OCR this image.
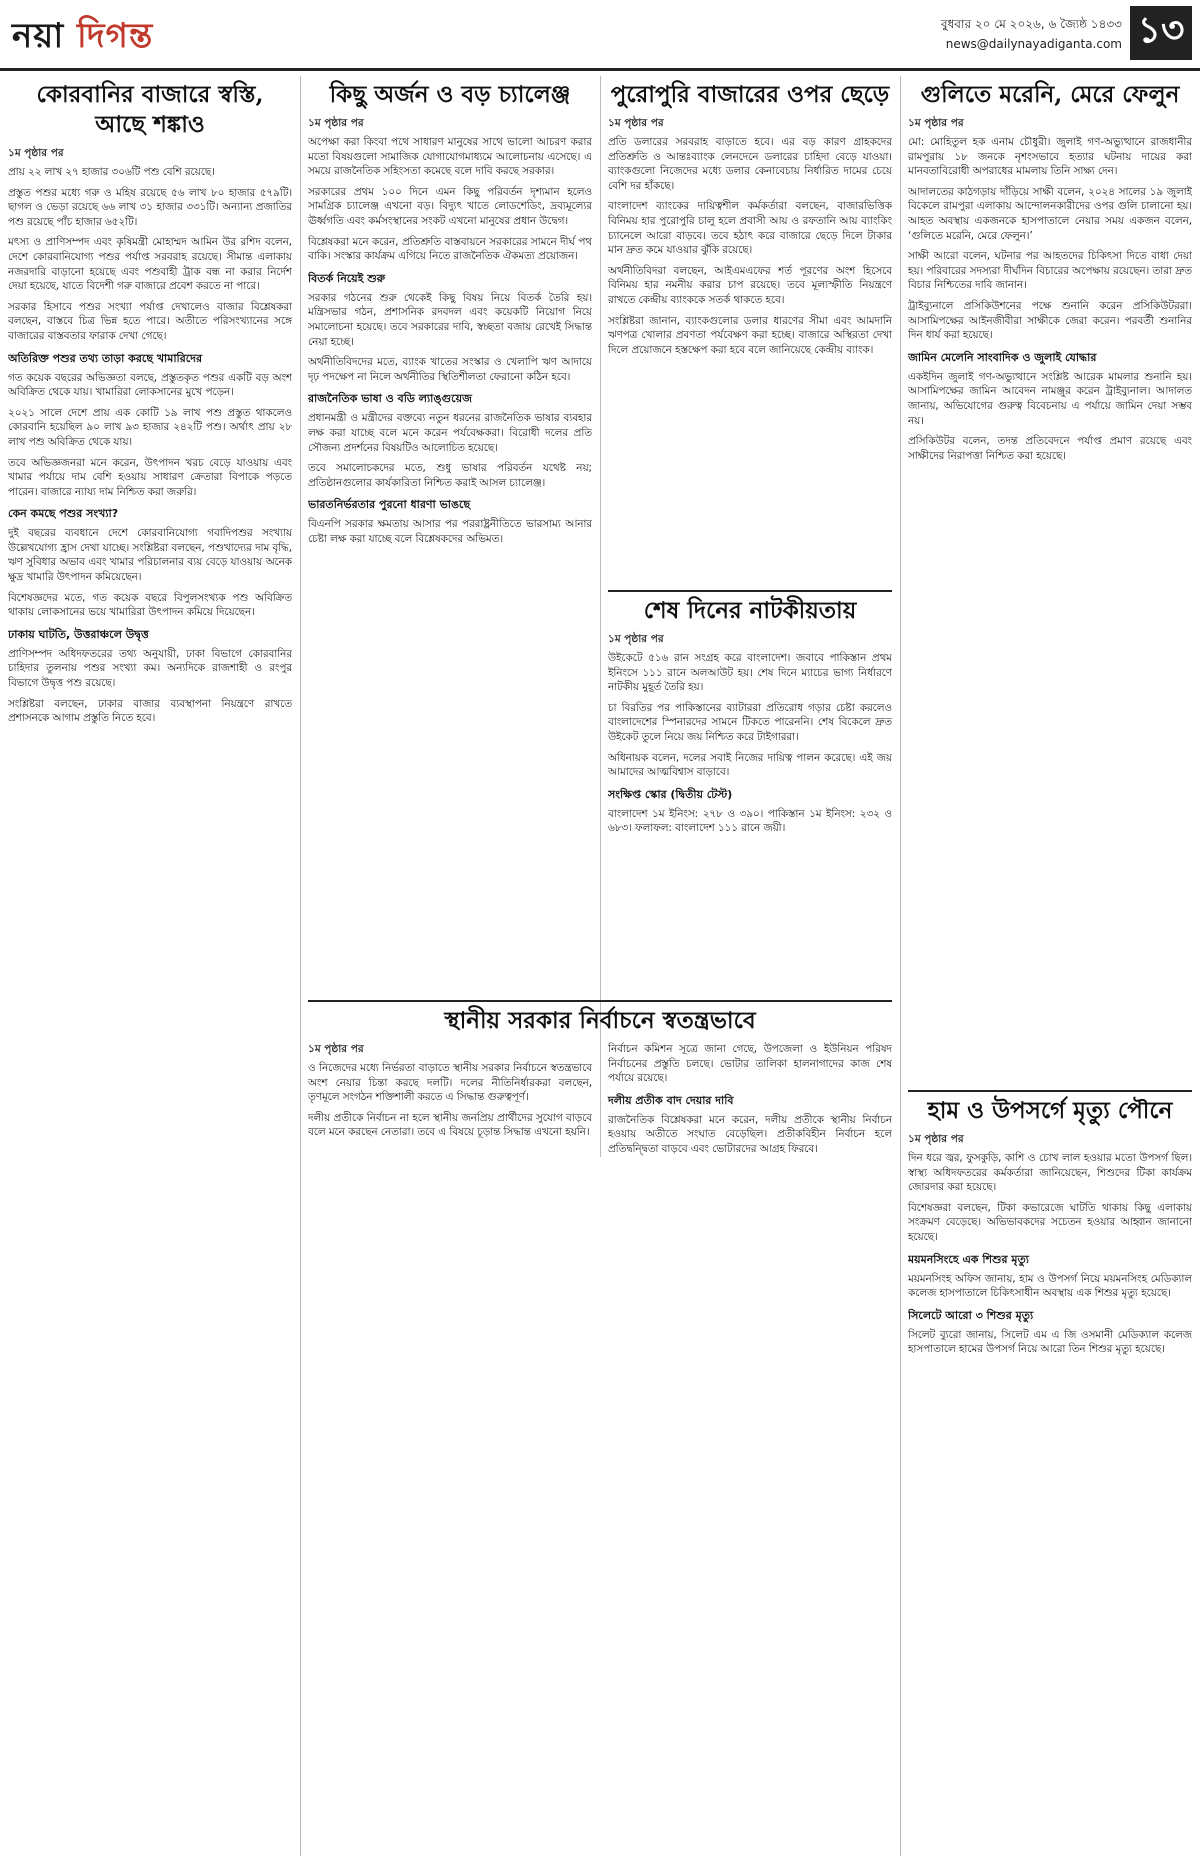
নয়া দিগন্ত	বুধবার ২০ মে ২০২৬, ৬ জ্যৈষ্ঠ ১৪৩৩
news@dailynayadiganta.com ১৩
কোরবানির বাজারে স্বস্তি, আছে শঙ্কাও
১ম পৃষ্ঠার পর

প্রায় ২২ লাখ ২৭ হাজার ৩০৬টি পশু বেশি রয়েছে।

প্রস্তুত পশুর মধ্যে গরু ও মহিষ রয়েছে ৫৬ লাখ ৮০ হাজার ৫৭৯টি। ছাগল ও ভেড়া রয়েছে ৬৬ লাখ ৩১ হাজার ৩৩১টি। অন্যান্য প্রজাতির পশু রয়েছে পাঁচ হাজার ৬৫২টি।

মৎস্য ও প্রাণিসম্পদ এবং কৃষিমন্ত্রী মোহাম্মদ আমিন উর রশিদ বলেন, দেশে কোরবানিযোগ্য পশুর পর্যাপ্ত সরবরাহ রয়েছে। সীমান্ত এলাকায় নজরদারি বাড়ানো হয়েছে এবং পশুবাহী ট্রাক বন্ধ না করার নির্দেশ দেয়া হয়েছে, যাতে বিদেশী গরু বাজারে প্রবেশ করতে না পারে।

সরকার হিসাবে পশুর সংখ্যা পর্যাপ্ত দেখালেও বাজার বিশ্লেষকরা বলছেন, বাস্তবে চিত্র ভিন্ন হতে পারে। অতীতে পরিসংখ্যানের সঙ্গে বাজারের বাস্তবতার ফারাক দেখা গেছে।

অতিরিক্ত পশুর তথ্য তাড়া করছে খামারিদের

গত কয়েক বছরের অভিজ্ঞতা বলছে, প্রস্তুতকৃত পশুর একটি বড় অংশ অবিক্রিত থেকে যায়। খামারিরা লোকসানের মুখে পড়েন।

২০২১ সালে দেশে প্রায় এক কোটি ১৯ লাখ পশু প্রস্তুত থাকলেও কোরবানি হয়েছিল ৯০ লাখ ৯৩ হাজার ২৪২টি পশু। অর্থাৎ প্রায় ২৮ লাখ পশু অবিক্রিত থেকে যায়।

তবে অভিজ্ঞজনরা মনে করেন, উৎপাদন খরচ বেড়ে যাওয়ায় এবং খামার পর্যায়ে দাম বেশি হওয়ায় সাধারণ ক্রেতারা বিপাকে পড়তে পারেন। বাজারে ন্যায্য দাম নিশ্চিত করা জরুরি।

কেন কমছে পশুর সংখ্যা?

দুই বছরের ব্যবধানে দেশে কোরবানিযোগ্য গবাদিপশুর সংখ্যায় উল্লেখযোগ্য হ্রাস দেখা যাচ্ছে। সংশ্লিষ্টরা বলছেন, পশুখাদ্যের দাম বৃদ্ধি, ঋণ সুবিধার অভাব এবং খামার পরিচালনার ব্যয় বেড়ে যাওয়ায় অনেক ক্ষুদ্র খামারি উৎপাদন কমিয়েছেন।

বিশেষজ্ঞদের মতে, গত কয়েক বছরে বিপুলসংখ্যক পশু অবিক্রিত থাকায় লোকসানের ভয়ে খামারিরা উৎপাদন কমিয়ে দিয়েছেন।

ঢাকায় ঘাটতি, উত্তরাঞ্চলে উদ্বৃত্ত

প্রাণিসম্পদ অধিদফতরের তথ্য অনুযায়ী, ঢাকা বিভাগে কোরবানির চাহিদার তুলনায় পশুর সংখ্যা কম। অন্যদিকে রাজশাহী ও রংপুর বিভাগে উদ্বৃত্ত পশু রয়েছে।

সংশ্লিষ্টরা বলছেন, ঢাকার বাজার ব্যবস্থাপনা নিয়ন্ত্রণে রাখতে প্রশাসনকে আগাম প্রস্তুতি নিতে হবে।

কিছু অর্জন ও বড় চ্যালেঞ্জ
১ম পৃষ্ঠার পর

অপেক্ষা করা কিংবা পথে সাধারণ মানুষের সাথে ভালো আচরণ করার মতো বিষয়গুলো সামাজিক যোগাযোগমাধ্যমে আলোচনায় এসেছে। এ সময়ে রাজনৈতিক সহিংসতা কমেছে বলে দাবি করছে সরকার।

সরকারের প্রথম ১০০ দিনে এমন কিছু পরিবর্তন দৃশ্যমান হলেও সামগ্রিক চ্যালেঞ্জ এখনো বড়। বিদ্যুৎ খাতে লোডশেডিং, দ্রব্যমূল্যের ঊর্ধ্বগতি এবং কর্মসংস্থানের সংকট এখনো মানুষের প্রধান উদ্বেগ।

বিশ্লেষকরা মনে করেন, প্রতিশ্রুতি বাস্তবায়নে সরকারের সামনে দীর্ঘ পথ বাকি। সংস্কার কার্যক্রম এগিয়ে নিতে রাজনৈতিক ঐকমত্য প্রয়োজন।

বিতর্ক নিয়েই শুরু

সরকার গঠনের শুরু থেকেই কিছু বিষয় নিয়ে বিতর্ক তৈরি হয়। মন্ত্রিসভার গঠন, প্রশাসনিক রদবদল এবং কয়েকটি নিয়োগ নিয়ে সমালোচনা হয়েছে। তবে সরকারের দাবি, স্বচ্ছতা বজায় রেখেই সিদ্ধান্ত নেয়া হচ্ছে।

অর্থনীতিবিদদের মতে, ব্যাংক খাতের সংস্কার ও খেলাপি ঋণ আদায়ে দৃঢ় পদক্ষেপ না নিলে অর্থনীতির স্থিতিশীলতা ফেরানো কঠিন হবে।

রাজনৈতিক ভাষা ও বডি ল্যাঙ্গুয়েজ

প্রধানমন্ত্রী ও মন্ত্রীদের বক্তব্যে নতুন ধরনের রাজনৈতিক ভাষার ব্যবহার লক্ষ করা যাচ্ছে বলে মনে করেন পর্যবেক্ষকরা। বিরোধী দলের প্রতি সৌজন্য প্রদর্শনের বিষয়টিও আলোচিত হয়েছে।

তবে সমালোচকদের মতে, শুধু ভাষার পরিবর্তন যথেষ্ট নয়; প্রতিষ্ঠানগুলোর কার্যকারিতা নিশ্চিত করাই আসল চ্যালেঞ্জ।

ভারতনির্ভরতার পুরনো ধারণা ভাঙছে

বিএনপি সরকার ক্ষমতায় আসার পর পররাষ্ট্রনীতিতে ভারসাম্য আনার চেষ্টা লক্ষ করা যাচ্ছে বলে বিশ্লেষকদের অভিমত।

পুরোপুরি বাজারের ওপর ছেড়ে
১ম পৃষ্ঠার পর

প্রতি ডলারের সরবরাহ বাড়াতে হবে। এর বড় কারণ গ্রাহকদের প্রতিশ্রুতি ও আন্তঃব্যাংক লেনদেনে ডলারের চাহিদা বেড়ে যাওয়া। ব্যাংকগুলো নিজেদের মধ্যে ডলার কেনাবেচায় নির্ধারিত দামের চেয়ে বেশি দর হাঁকছে।

বাংলাদেশ ব্যাংকের দায়িত্বশীল কর্মকর্তারা বলছেন, বাজারভিত্তিক বিনিময় হার পুরোপুরি চালু হলে প্রবাসী আয় ও রফতানি আয় ব্যাংকিং চ্যানেলে আরো বাড়বে। তবে হঠাৎ করে বাজারে ছেড়ে দিলে টাকার মান দ্রুত কমে যাওয়ার ঝুঁকি রয়েছে।

অর্থনীতিবিদরা বলছেন, আইএমএফের শর্ত পূরণের অংশ হিসেবে বিনিময় হার নমনীয় করার চাপ রয়েছে। তবে মূল্যস্ফীতি নিয়ন্ত্রণে রাখতে কেন্দ্রীয় ব্যাংককে সতর্ক থাকতে হবে।

সংশ্লিষ্টরা জানান, ব্যাংকগুলোর ডলার ধারণের সীমা এবং আমদানি ঋণপত্র খোলার প্রবণতা পর্যবেক্ষণ করা হচ্ছে। বাজারে অস্থিরতা দেখা দিলে প্রয়োজনে হস্তক্ষেপ করা হবে বলে জানিয়েছে কেন্দ্রীয় ব্যাংক।

শেষ দিনের নাটকীয়তায়
১ম পৃষ্ঠার পর

উইকেটে ৫১৬ রান সংগ্রহ করে বাংলাদেশ। জবাবে পাকিস্তান প্রথম ইনিংসে ১১১ রানে অলআউট হয়। শেষ দিনে ম্যাচের ভাগ্য নির্ধারণে নাটকীয় মুহূর্ত তৈরি হয়।

চা বিরতির পর পাকিস্তানের ব্যাটাররা প্রতিরোধ গড়ার চেষ্টা করলেও বাংলাদেশের স্পিনারদের সামনে টিকতে পারেননি। শেষ বিকেলে দ্রুত উইকেট তুলে নিয়ে জয় নিশ্চিত করে টাইগাররা।

অধিনায়ক বলেন, দলের সবাই নিজের দায়িত্ব পালন করেছে। এই জয় আমাদের আত্মবিশ্বাস বাড়াবে।

সংক্ষিপ্ত স্কোর (দ্বিতীয় টেস্ট)

বাংলাদেশ ১ম ইনিংস: ২৭৮ ও ৩৯০। পাকিস্তান ১ম ইনিংস: ২৩২ ও ৬৮৩। ফলাফল: বাংলাদেশ ১১১ রানে জয়ী।

গুলিতে মরেনি, মেরে ফেলুন
১ম পৃষ্ঠার পর

মো: মোহিতুল হক এনাম চৌধুরী। জুলাই গণ-অভ্যুত্থানে রাজধানীর রামপুরায় ১৮ জনকে নৃশংসভাবে হত্যার ঘটনায় দায়ের করা মানবতাবিরোধী অপরাধের মামলায় তিনি সাক্ষ্য দেন।

আদালতের কাঠগড়ায় দাঁড়িয়ে সাক্ষী বলেন, ২০২৪ সালের ১৯ জুলাই বিকেলে রামপুরা এলাকায় আন্দোলনকারীদের ওপর গুলি চালানো হয়। আহত অবস্থায় একজনকে হাসপাতালে নেয়ার সময় একজন বলেন, ‘গুলিতে মরেনি, মেরে ফেলুন।’

সাক্ষী আরো বলেন, ঘটনার পর আহতদের চিকিৎসা দিতে বাধা দেয়া হয়। পরিবারের সদস্যরা দীর্ঘদিন বিচারের অপেক্ষায় রয়েছেন। তারা দ্রুত বিচার নিশ্চিতের দাবি জানান।

ট্রাইব্যুনালে প্রসিকিউশনের পক্ষে শুনানি করেন প্রসিকিউটররা। আসামিপক্ষের আইনজীবীরা সাক্ষীকে জেরা করেন। পরবর্তী শুনানির দিন ধার্য করা হয়েছে।

জামিন মেলেনি সাংবাদিক ও জুলাই যোদ্ধার

একইদিন জুলাই গণ-অভ্যুত্থানে সংশ্লিষ্ট আরেক মামলার শুনানি হয়। আসামিপক্ষের জামিন আবেদন নামঞ্জুর করেন ট্রাইব্যুনাল। আদালত জানায়, অভিযোগের গুরুত্ব বিবেচনায় এ পর্যায়ে জামিন দেয়া সম্ভব নয়।

প্রসিকিউটর বলেন, তদন্ত প্রতিবেদনে পর্যাপ্ত প্রমাণ রয়েছে এবং সাক্ষীদের নিরাপত্তা নিশ্চিত করা হয়েছে।

স্থানীয় সরকার নির্বাচনে স্বতন্ত্রভাবে
১ম পৃষ্ঠার পর

ও নিজেদের মধ্যে নির্ভরতা বাড়াতে স্থানীয় সরকার নির্বাচনে স্বতন্ত্রভাবে অংশ নেয়ার চিন্তা করছে দলটি। দলের নীতিনির্ধারকরা বলছেন, তৃণমূলে সংগঠন শক্তিশালী করতে এ সিদ্ধান্ত গুরুত্বপূর্ণ।

দলীয় প্রতীকে নির্বাচন না হলে স্থানীয় জনপ্রিয় প্রার্থীদের সুযোগ বাড়বে বলে মনে করছেন নেতারা। তবে এ বিষয়ে চূড়ান্ত সিদ্ধান্ত এখনো হয়নি।

নির্বাচন কমিশন সূত্রে জানা গেছে, উপজেলা ও ইউনিয়ন পরিষদ নির্বাচনের প্রস্তুতি চলছে। ভোটার তালিকা হালনাগাদের কাজ শেষ পর্যায়ে রয়েছে।

দলীয় প্রতীক বাদ দেয়ার দাবি

রাজনৈতিক বিশ্লেষকরা মনে করেন, দলীয় প্রতীকে স্থানীয় নির্বাচন হওয়ায় অতীতে সংঘাত বেড়েছিল। প্রতীকবিহীন নির্বাচন হলে প্রতিদ্বন্দ্বিতা বাড়বে এবং ভোটারদের আগ্রহ ফিরবে।

হাম ও উপসর্গে মৃত্যু পৌনে
১ম পৃষ্ঠার পর

দিন ধরে জ্বর, ফুসকুড়ি, কাশি ও চোখ লাল হওয়ার মতো উপসর্গ ছিল। স্বাস্থ্য অধিদফতরের কর্মকর্তারা জানিয়েছেন, শিশুদের টিকা কার্যক্রম জোরদার করা হয়েছে।

বিশেষজ্ঞরা বলছেন, টিকা কভারেজে ঘাটতি থাকায় কিছু এলাকায় সংক্রমণ বেড়েছে। অভিভাবকদের সচেতন হওয়ার আহ্বান জানানো হয়েছে।

ময়মনসিংহে এক শিশুর মৃত্যু

ময়মনসিংহ অফিস জানায়, হাম ও উপসর্গ নিয়ে ময়মনসিংহ মেডিক্যাল কলেজ হাসপাতালে চিকিৎসাধীন অবস্থায় এক শিশুর মৃত্যু হয়েছে।

সিলেটে আরো ৩ শিশুর মৃত্যু

সিলেট ব্যুরো জানায়, সিলেট এম এ জি ওসমানী মেডিক্যাল কলেজ হাসপাতালে হামের উপসর্গ নিয়ে আরো তিন শিশুর মৃত্যু হয়েছে।
